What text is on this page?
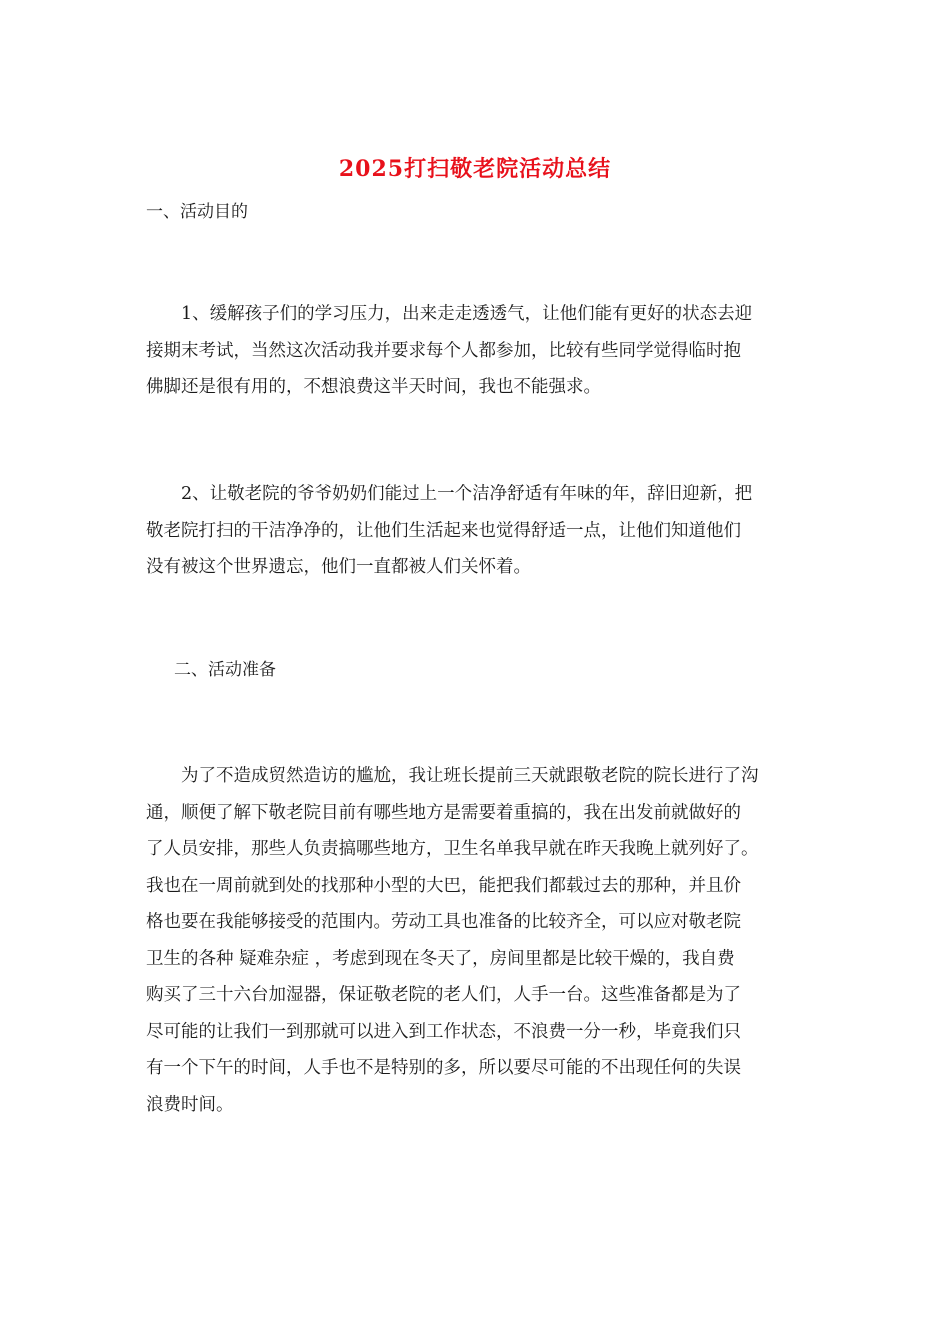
2025打扫敬老院活动总结
一、活动目的
　　1、缓解孩子们的学习压力，出来走走透透气，让他们能有更好的状态去迎
接期末考试，当然这次活动我并要求每个人都参加，比较有些同学觉得临时抱
佛脚还是很有用的，不想浪费这半天时间，我也不能强求。
　　2、让敬老院的爷爷奶奶们能过上一个洁净舒适有年味的年，辞旧迎新，把
敬老院打扫的干洁净净的，让他们生活起来也觉得舒适一点，让他们知道他们
没有被这个世界遗忘，他们一直都被人们关怀着。
二、活动准备
　　为了不造成贸然造访的尴尬，我让班长提前三天就跟敬老院的院长进行了沟
通，顺便了解下敬老院目前有哪些地方是需要着重搞的，我在出发前就做好的
了人员安排，那些人负责搞哪些地方，卫生名单我早就在昨天我晚上就列好了。
我也在一周前就到处的找那种小型的大巴，能把我们都载过去的那种，并且价
格也要在我能够接受的范围内。劳动工具也准备的比较齐全，可以应对敬老院
卫生的各种 疑难杂症 ，考虑到现在冬天了，房间里都是比较干燥的，我自费
购买了三十六台加湿器，保证敬老院的老人们，人手一台。这些准备都是为了
尽可能的让我们一到那就可以进入到工作状态，不浪费一分一秒，毕竟我们只
有一个下午的时间，人手也不是特别的多，所以要尽可能的不出现任何的失误
浪费时间。
